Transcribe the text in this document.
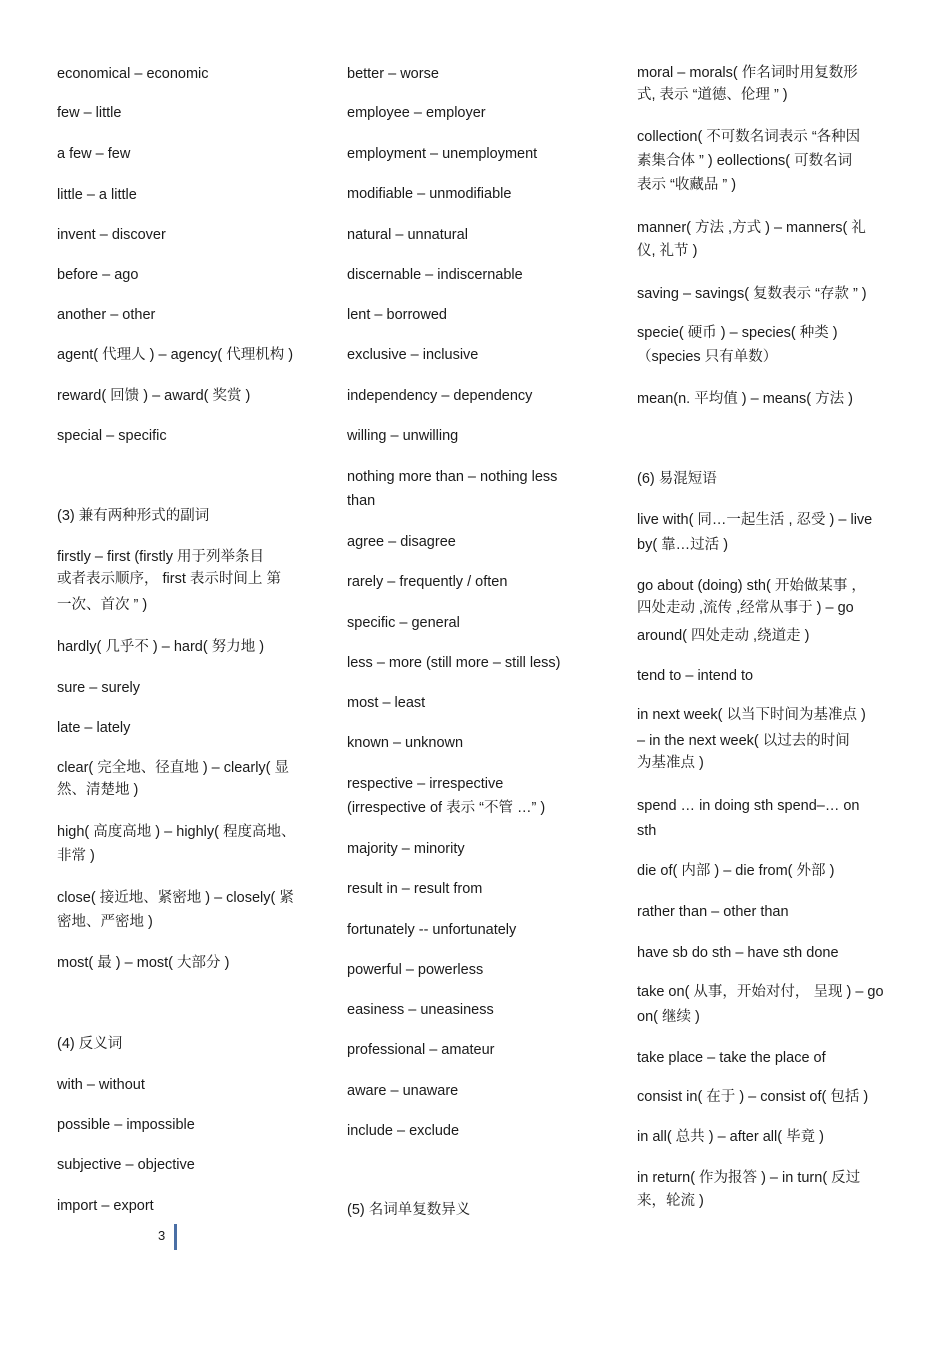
economical – economic
few – little
a few – few
little – a little
invent – discover
before – ago
another – other
agent( 代理人 ) – agency( 代理机构 )
reward( 回馈 ) – award( 奖赏 )
special – specific
(3) 兼有两种形式的副词
firstly – first (firstly 用于列举条目
或者表示顺序， first 表示时间上 第
一次、首次 ” )
hardly( 几乎不 ) – hard( 努力地 )
sure – surely
late – lately
clear( 完全地、径直地 ) – clearly( 显
然、清楚地 )
high( 高度高地 ) – highly( 程度高地、
非常 )
close( 接近地、紧密地 ) – closely( 紧
密地、严密地 )
most( 最 ) – most( 大部分 )
(4) 反义词
with – without
possible – impossible
subjective – objective
import – export
better – worse
employee – employer
employment – unemployment
modifiable – unmodifiable
natural – unnatural
discernable – indiscernable
lent – borrowed
exclusive – inclusive
independency – dependency
willing – unwilling
nothing more than – nothing less
than
agree – disagree
rarely – frequently / often
specific – general
less – more (still more – still less)
most – least
known – unknown
respective – irrespective
(irrespective of 表示 “不管 …” )
majority – minority
result in – result from
fortunately -- unfortunately
powerful – powerless
easiness – uneasiness
professional – amateur
aware – unaware
include – exclude
(5) 名词单复数异义
moral – morals( 作名词时用复数形
式, 表示 “道德、伦理 ” )
collection( 不可数名词表示 “各种因
素集合体 ” ) eollections( 可数名词
表示 “收藏品 ” )
manner( 方法 ,方式 ) – manners( 礼
仪, 礼节 )
saving – savings( 复数表示 “存款 ” )
specie( 硬币 ) – species( 种类 )
（species 只有单数）
mean(n. 平均值 ) – means( 方法 )
(6) 易混短语
live with( 同…一起生活 , 忍受 ) – live
by( 靠…过活 )
go about (doing) sth( 开始做某事 ，
四处走动 ,流传 ,经常从事于 ) – go
around( 四处走动 ,绕道走 )
tend to – intend to
in next week( 以当下时间为基准点 )
– in the next week( 以过去的时间
为基准点 )
spend … in doing sth spend–… on
sth
die of( 内部 ) – die from( 外部 )
rather than – other than
have sb do sth – have sth done
take on( 从事，开始对付， 呈现 ) – go
on( 继续 )
take place – take the place of
consist in( 在于 ) – consist of( 包括 )
in all( 总共 ) – after all( 毕竟 )
in return( 作为报答 ) – in turn( 反过
来，轮流 )
3
